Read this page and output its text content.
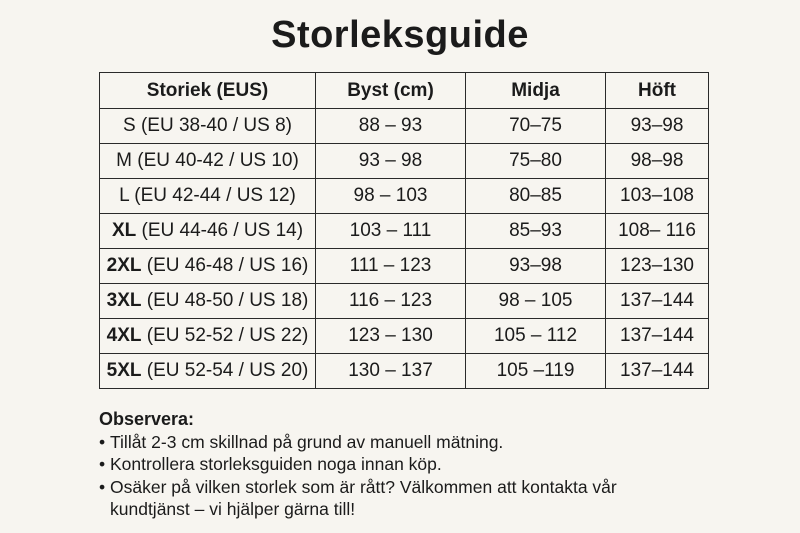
Storleksguide
Storiek (EUS)	Byst (cm)	Midja	Höft
S (EU 38-40 / US 8)	88 – 93	70–75	93–98
M (EU 40-42 / US 10)	93 – 98	75–80	98–98
L (EU 42-44 / US 12)	98 – 103	80–85	103–108
XL (EU 44-46 / US 14)	103 – 111	85–93	108– 116
2XL (EU 46-48 / US 16)	111 – 123	93–98	123–130
3XL (EU 48-50 / US 18)	116 – 123	98 – 105	137–144
4XL (EU 52-52 / US 22)	123 – 130	105 – 112	137–144
5XL (EU 52-54 / US 20)	130 – 137	105 –119	137–144
Observera:
• Tillåt 2-3 cm skillnad på grund av manuell mätning.
• Kontrollera storleksguiden noga innan köp.
• Osäker på vilken storlek som är rått? Välkommen att kontakta vår kundtjänst – vi hjälper gärna till!
